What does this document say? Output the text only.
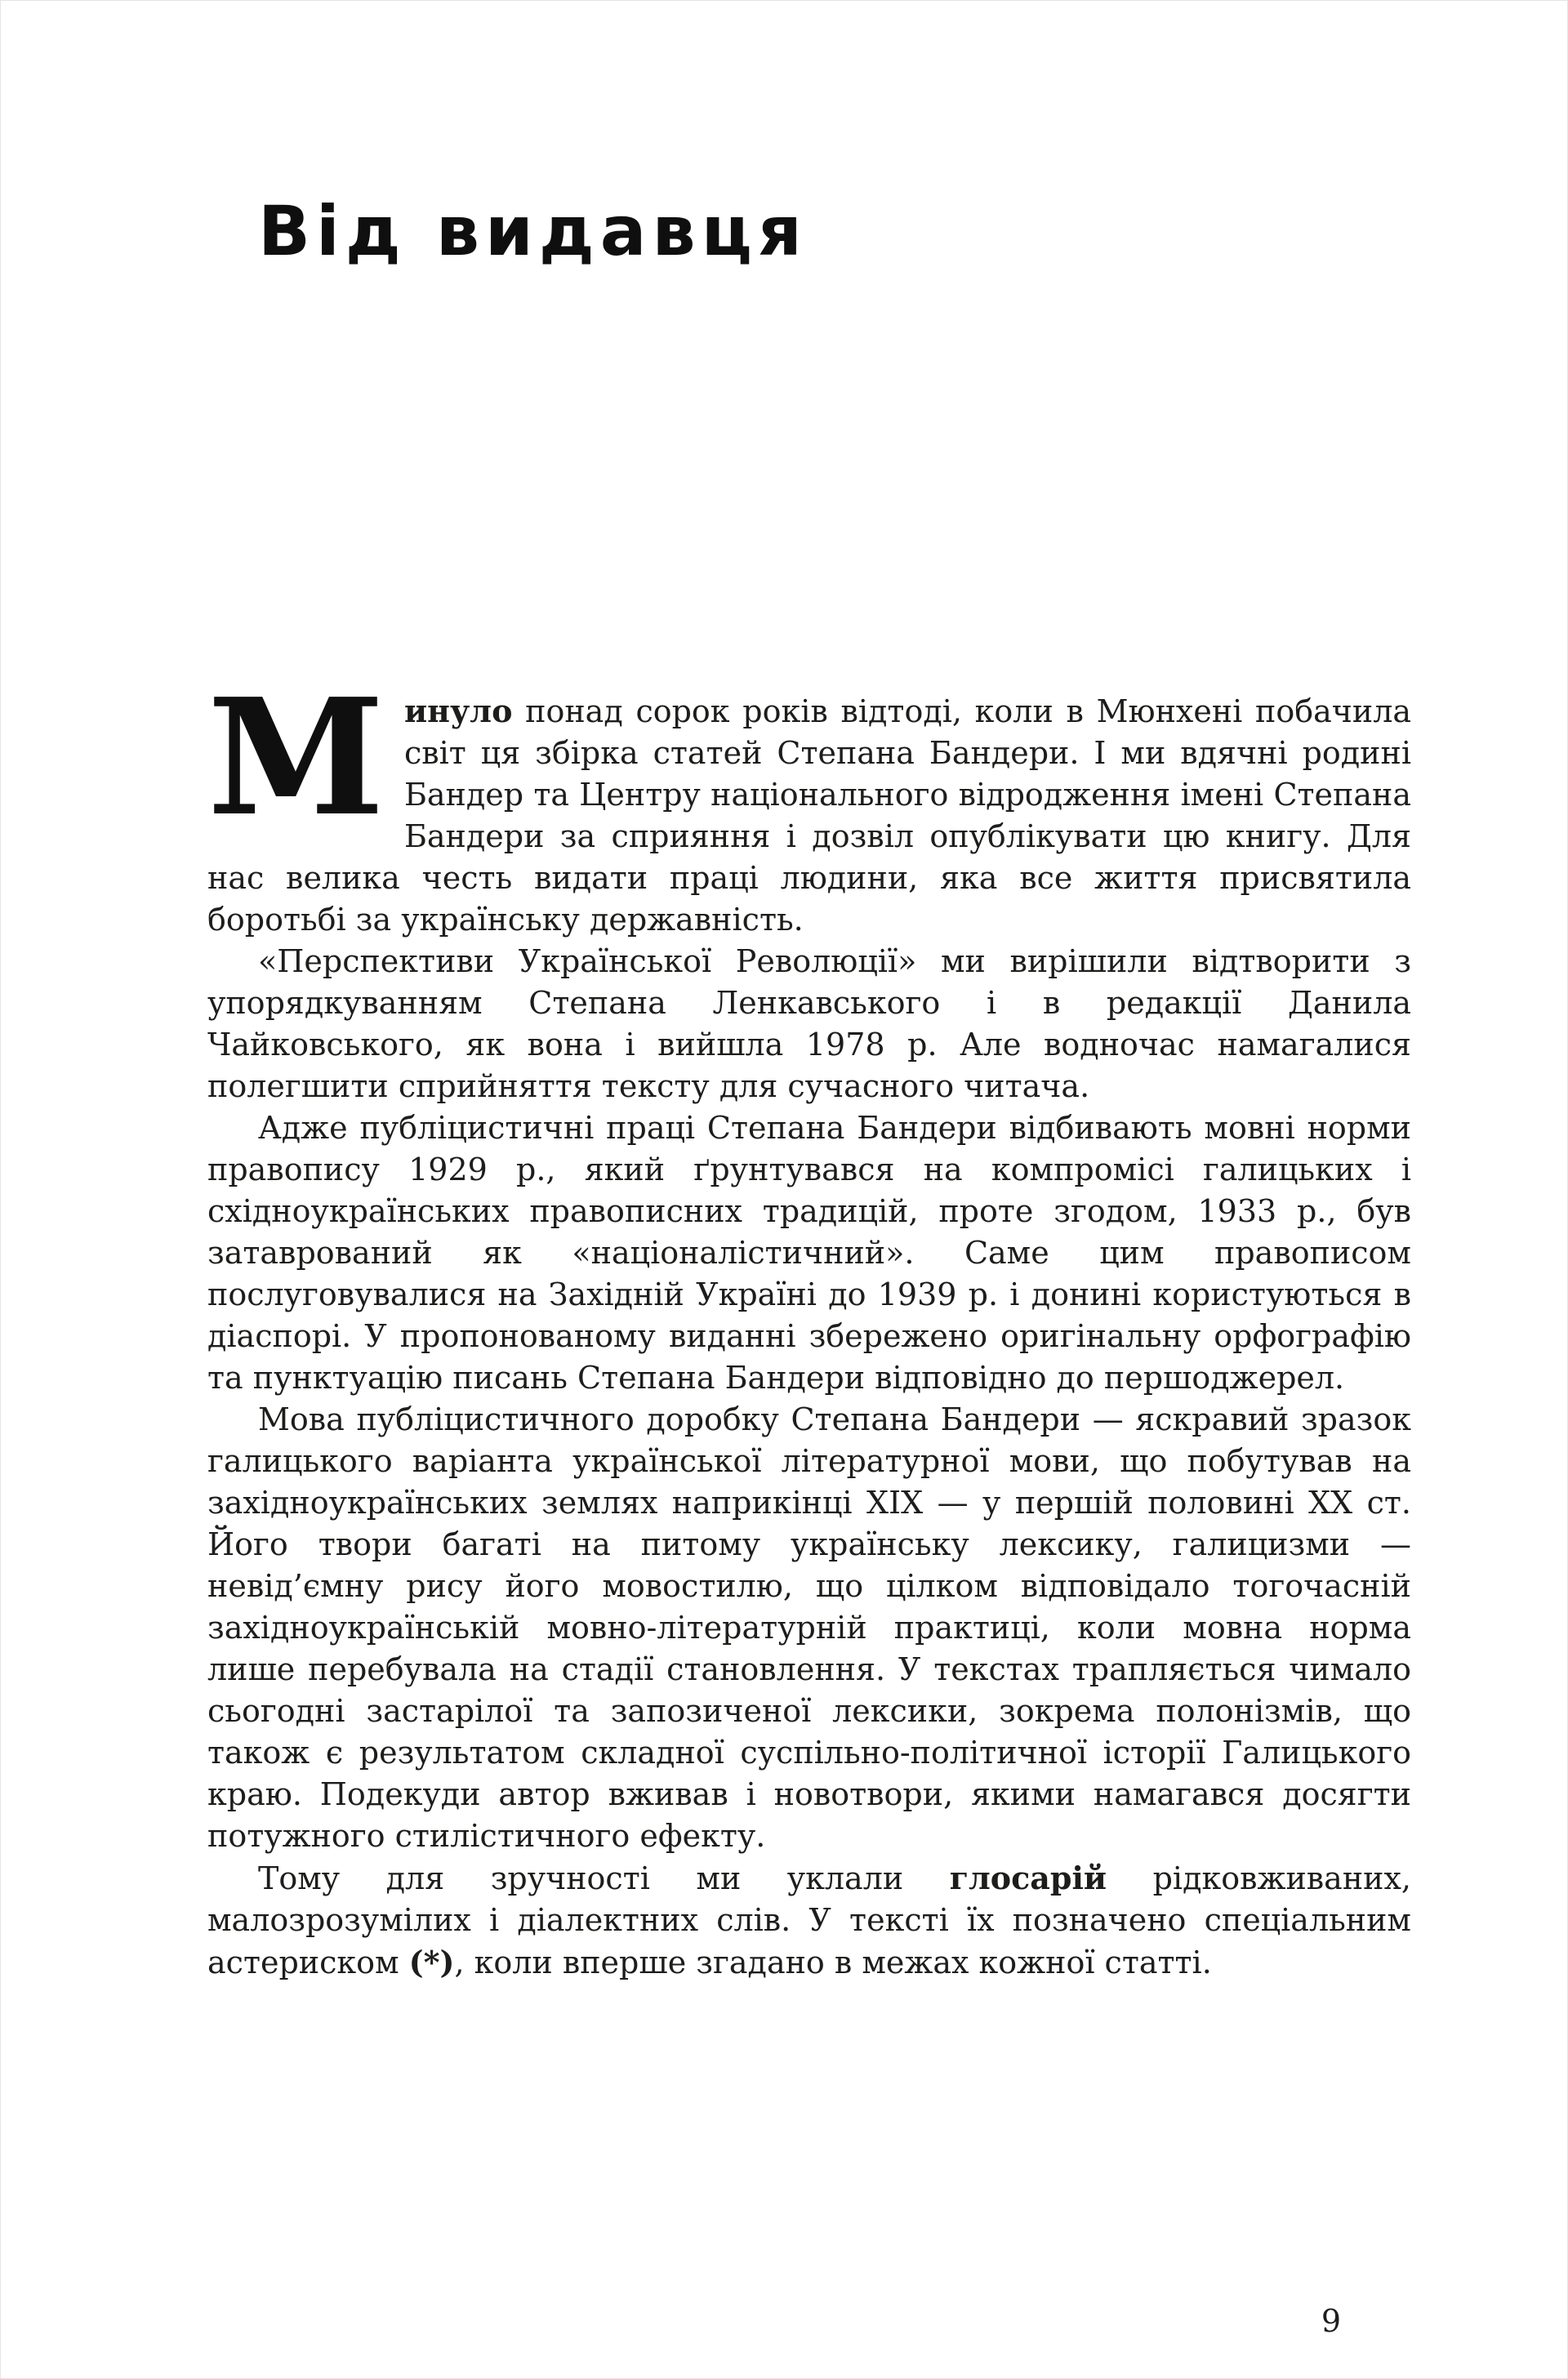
Від видавця

Минуло понад сорок років відтоді, коли в Мюнхені побачила світ ця збірка статей Степана Бандери. І ми вдячні родині Бандер та Центру національного відродження імені Степана Бандери за сприяння і дозвіл опублікувати цю книгу. Для нас велика честь видати праці людини, яка все життя присвятила боротьбі за українську державність.

«Перспективи Української Революції» ми вирішили відтворити з упорядкуванням Степана Ленкавського і в редакції Данила Чайковського, як вона і вийшла 1978 р. Але водночас намагалися полегшити сприйняття тексту для сучасного читача.

Адже публіцистичні праці Степана Бандери відбивають мовні норми правопису 1929 р., який ґрунтувався на компромісі галицьких і східноукраїнських правописних традицій, проте згодом, 1933 р., був затаврований як «націоналістичний». Саме цим правописом послуговувалися на Західній Україні до 1939 р. і донині користуються в діаспорі. У пропонованому виданні збережено оригінальну орфографію та пунктуацію писань Степана Бандери відповідно до першоджерел.

Мова публіцистичного доробку Степана Бандери — яскравий зразок галицького варіанта української літературної мови, що побутував на західноукраїнських землях наприкінці XIX — у першій половині XX ст. Його твори багаті на питому українську лексику, галицизми — невід’ємну рису його мовостилю, що цілком відповідало тогочасній західноукраїнській мовно-літературній практиці, коли мовна норма лише перебувала на стадії становлення. У текстах трапляється чимало сьогодні застарілої та запозиченої лексики, зокрема полонізмів, що також є результатом складної суспільно-політичної історії Галицького краю. Подекуди автор вживав і новотвори, якими намагався досягти потужного стилістичного ефекту.

Тому для зручності ми уклали глосарій рідковживаних, малозрозумілих і діалектних слів. У тексті їх позначено спеціальним астериском (*), коли вперше згадано в межах кожної статті.

9
